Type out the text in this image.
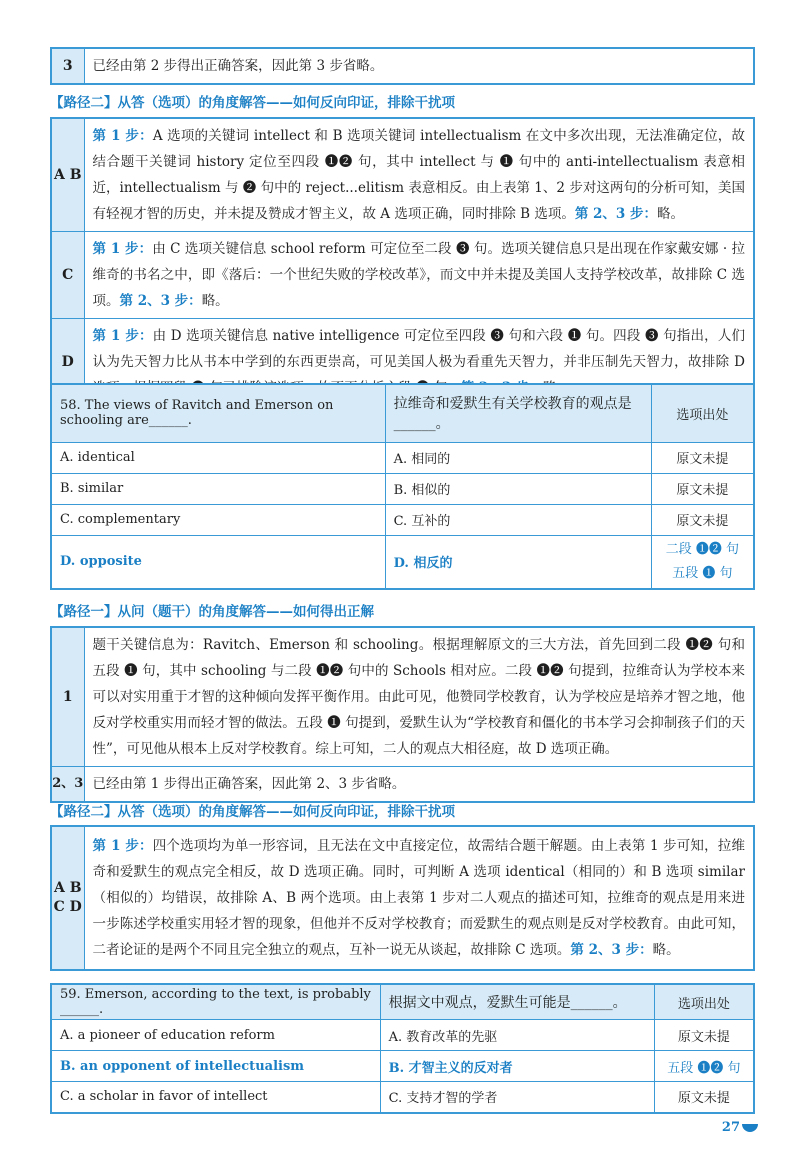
3	已经由第 2 步得出正确答案，因此第 3 步省略。
【路径二】从答（选项）的角度解答——如何反向印证，排除干扰项
A B	第 1 步：A 选项的关键词 intellect 和 B 选项关键词 intellectualism 在文中多次出现，无法准确定位，故结合题干关键词 history 定位至四段 ❶❷ 句，其中 intellect 与 ❶ 句中的 anti-intellectualism 表意相近，intellectualism 与 ❷ 句中的 reject...elitism 表意相反。由上表第 1、2 步对这两句的分析可知，美国有轻视才智的历史，并未提及赞成才智主义，故 A 选项正确，同时排除 B 选项。第 2、3 步：略。
C	第 1 步：由 C 选项关键信息 school reform 可定位至二段 ❸ 句。选项关键信息只是出现在作家戴安娜 · 拉维奇的书名之中，即《落后：一个世纪失败的学校改革》，而文中并未提及美国人支持学校改革，故排除 C 选项。第 2、3 步：略。
D	第 1 步：由 D 选项关键信息 native intelligence 可定位至四段 ❸ 句和六段 ❶ 句。四段 ❸ 句指出，人们认为先天智力比从书本中学到的东西更崇高，可见美国人极为看重先天智力，并非压制先天智力，故排除 D
58. The views of Ravitch and Emerson on schooling are______.	拉维奇和爱默生有关学校教育的观点是______。	选项出处
A. identical	A. 相同的	原文未提
B. similar	B. 相似的	原文未提
C. complementary	C. 互补的	原文未提
D. opposite	D. 相反的	二段 ❶❷ 句
五段 ❶ 句
【路径一】从问（题干）的角度解答——如何得出正解
1	题干关键信息为：Ravitch、Emerson 和 schooling。根据理解原文的三大方法，首先回到二段 ❶❷ 句和五段 ❶ 句，其中 schooling 与二段 ❶❷ 句中的 Schools 相对应。二段 ❶❷ 句提到，拉维奇认为学校本来可以对实用重于才智的这种倾向发挥平衡作用。由此可见，他赞同学校教育，认为学校应是培养才智之地，他反对学校重实用而轻才智的做法。五段 ❶ 句提到，爱默生认为“学校教育和僵化的书本学习会抑制孩子们的天性”，可见他从根本上反对学校教育。综上可知，二人的观点大相径庭，故 D 选项正确。
2、3	已经由第 1 步得出正确答案，因此第 2、3 步省略。
【路径二】从答（选项）的角度解答——如何反向印证，排除干扰项
A B
C D	第 1 步：四个选项均为单一形容词，且无法在文中直接定位，故需结合题干解题。由上表第 1 步可知，拉维奇和爱默生的观点完全相反，故 D 选项正确。同时，可判断 A 选项 identical（相同的）和 B 选项 similar（相似的）均错误，故排除 A、B 两个选项。由上表第 1 步对二人观点的描述可知，拉维奇的观点是用来进一步陈述学校重实用轻才智的现象，但他并不反对学校教育；而爱默生的观点则是反对学校教育。由此可知，二者论证的是两个不同且完全独立的观点，互补一说无从谈起，故排除 C 选项。第 2、3 步：略。
59. Emerson, according to the text, is probably ______.	根据文中观点，爱默生可能是______。	选项出处
A. a pioneer of education reform	A. 教育改革的先驱	原文未提
B. an opponent of intellectualism	B. 才智主义的反对者	五段 ❶❷ 句
C. a scholar in favor of intellect	C. 支持才智的学者	原文未提
27
